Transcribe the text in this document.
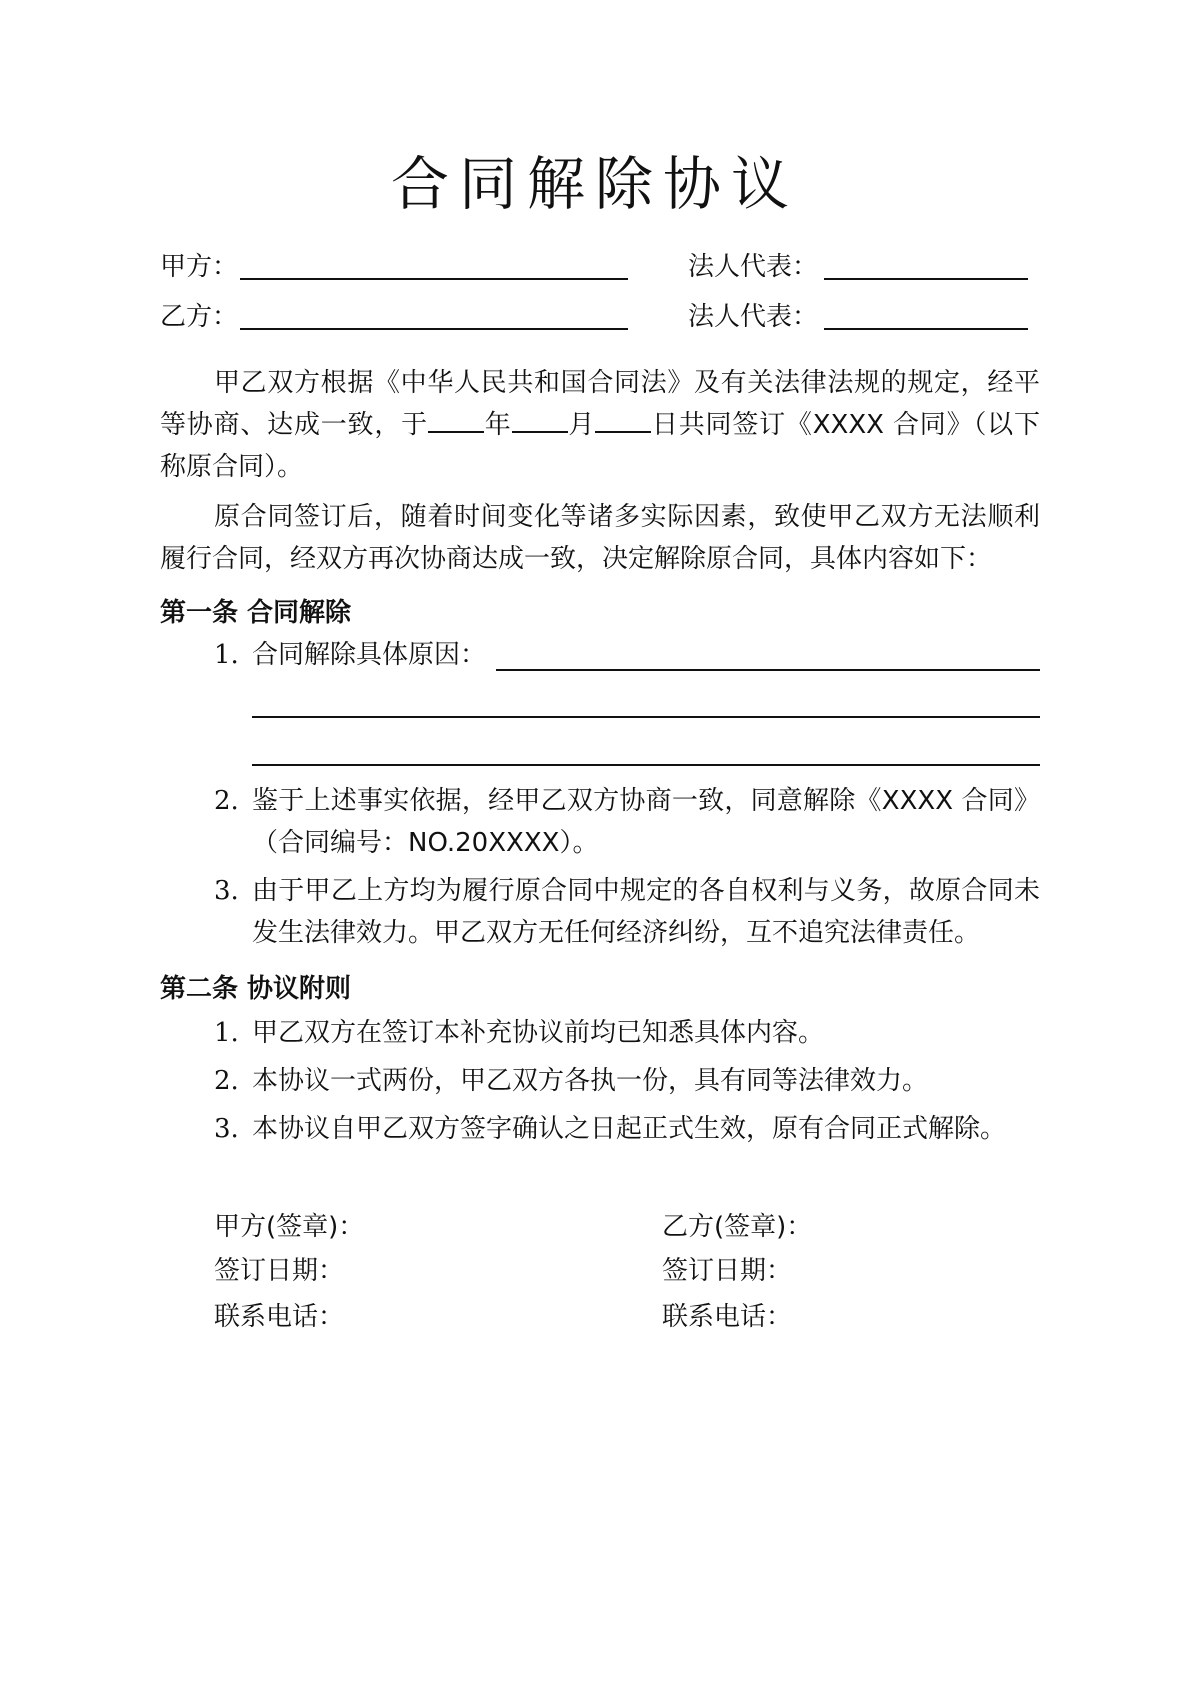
合同解除协议
甲方：	法人代表：
乙方：	法人代表：

甲乙双方根据《中华人民共和国合同法》及有关法律法规的规定，经平等协商、达成一致，于 年 月 日共同签订《XXXX 合同》（以下称原合同）。

原合同签订后，随着时间变化等诸多实际因素，致使甲乙双方无法顺利履行合同，经双方再次协商达成一致，决定解除原合同，具体内容如下：

第一条 合同解除
1. 合同解除具体原因：
2. 鉴于上述事实依据，经甲乙双方协商一致，同意解除《XXXX 合同》（合同编号：NO.20XXXX）。
3. 由于甲乙上方均为履行原合同中规定的各自权利与义务，故原合同未发生法律效力。甲乙双方无任何经济纠纷，互不追究法律责任。
第二条 协议附则
1. 甲乙双方在签订本补充协议前均已知悉具体内容。
2. 本协议一式两份，甲乙双方各执一份，具有同等法律效力。
3. 本协议自甲乙双方签字确认之日起正式生效，原有合同正式解除。
甲方(签章)：
签订日期：
联系电话：
乙方(签章)：
签订日期：
联系电话：
